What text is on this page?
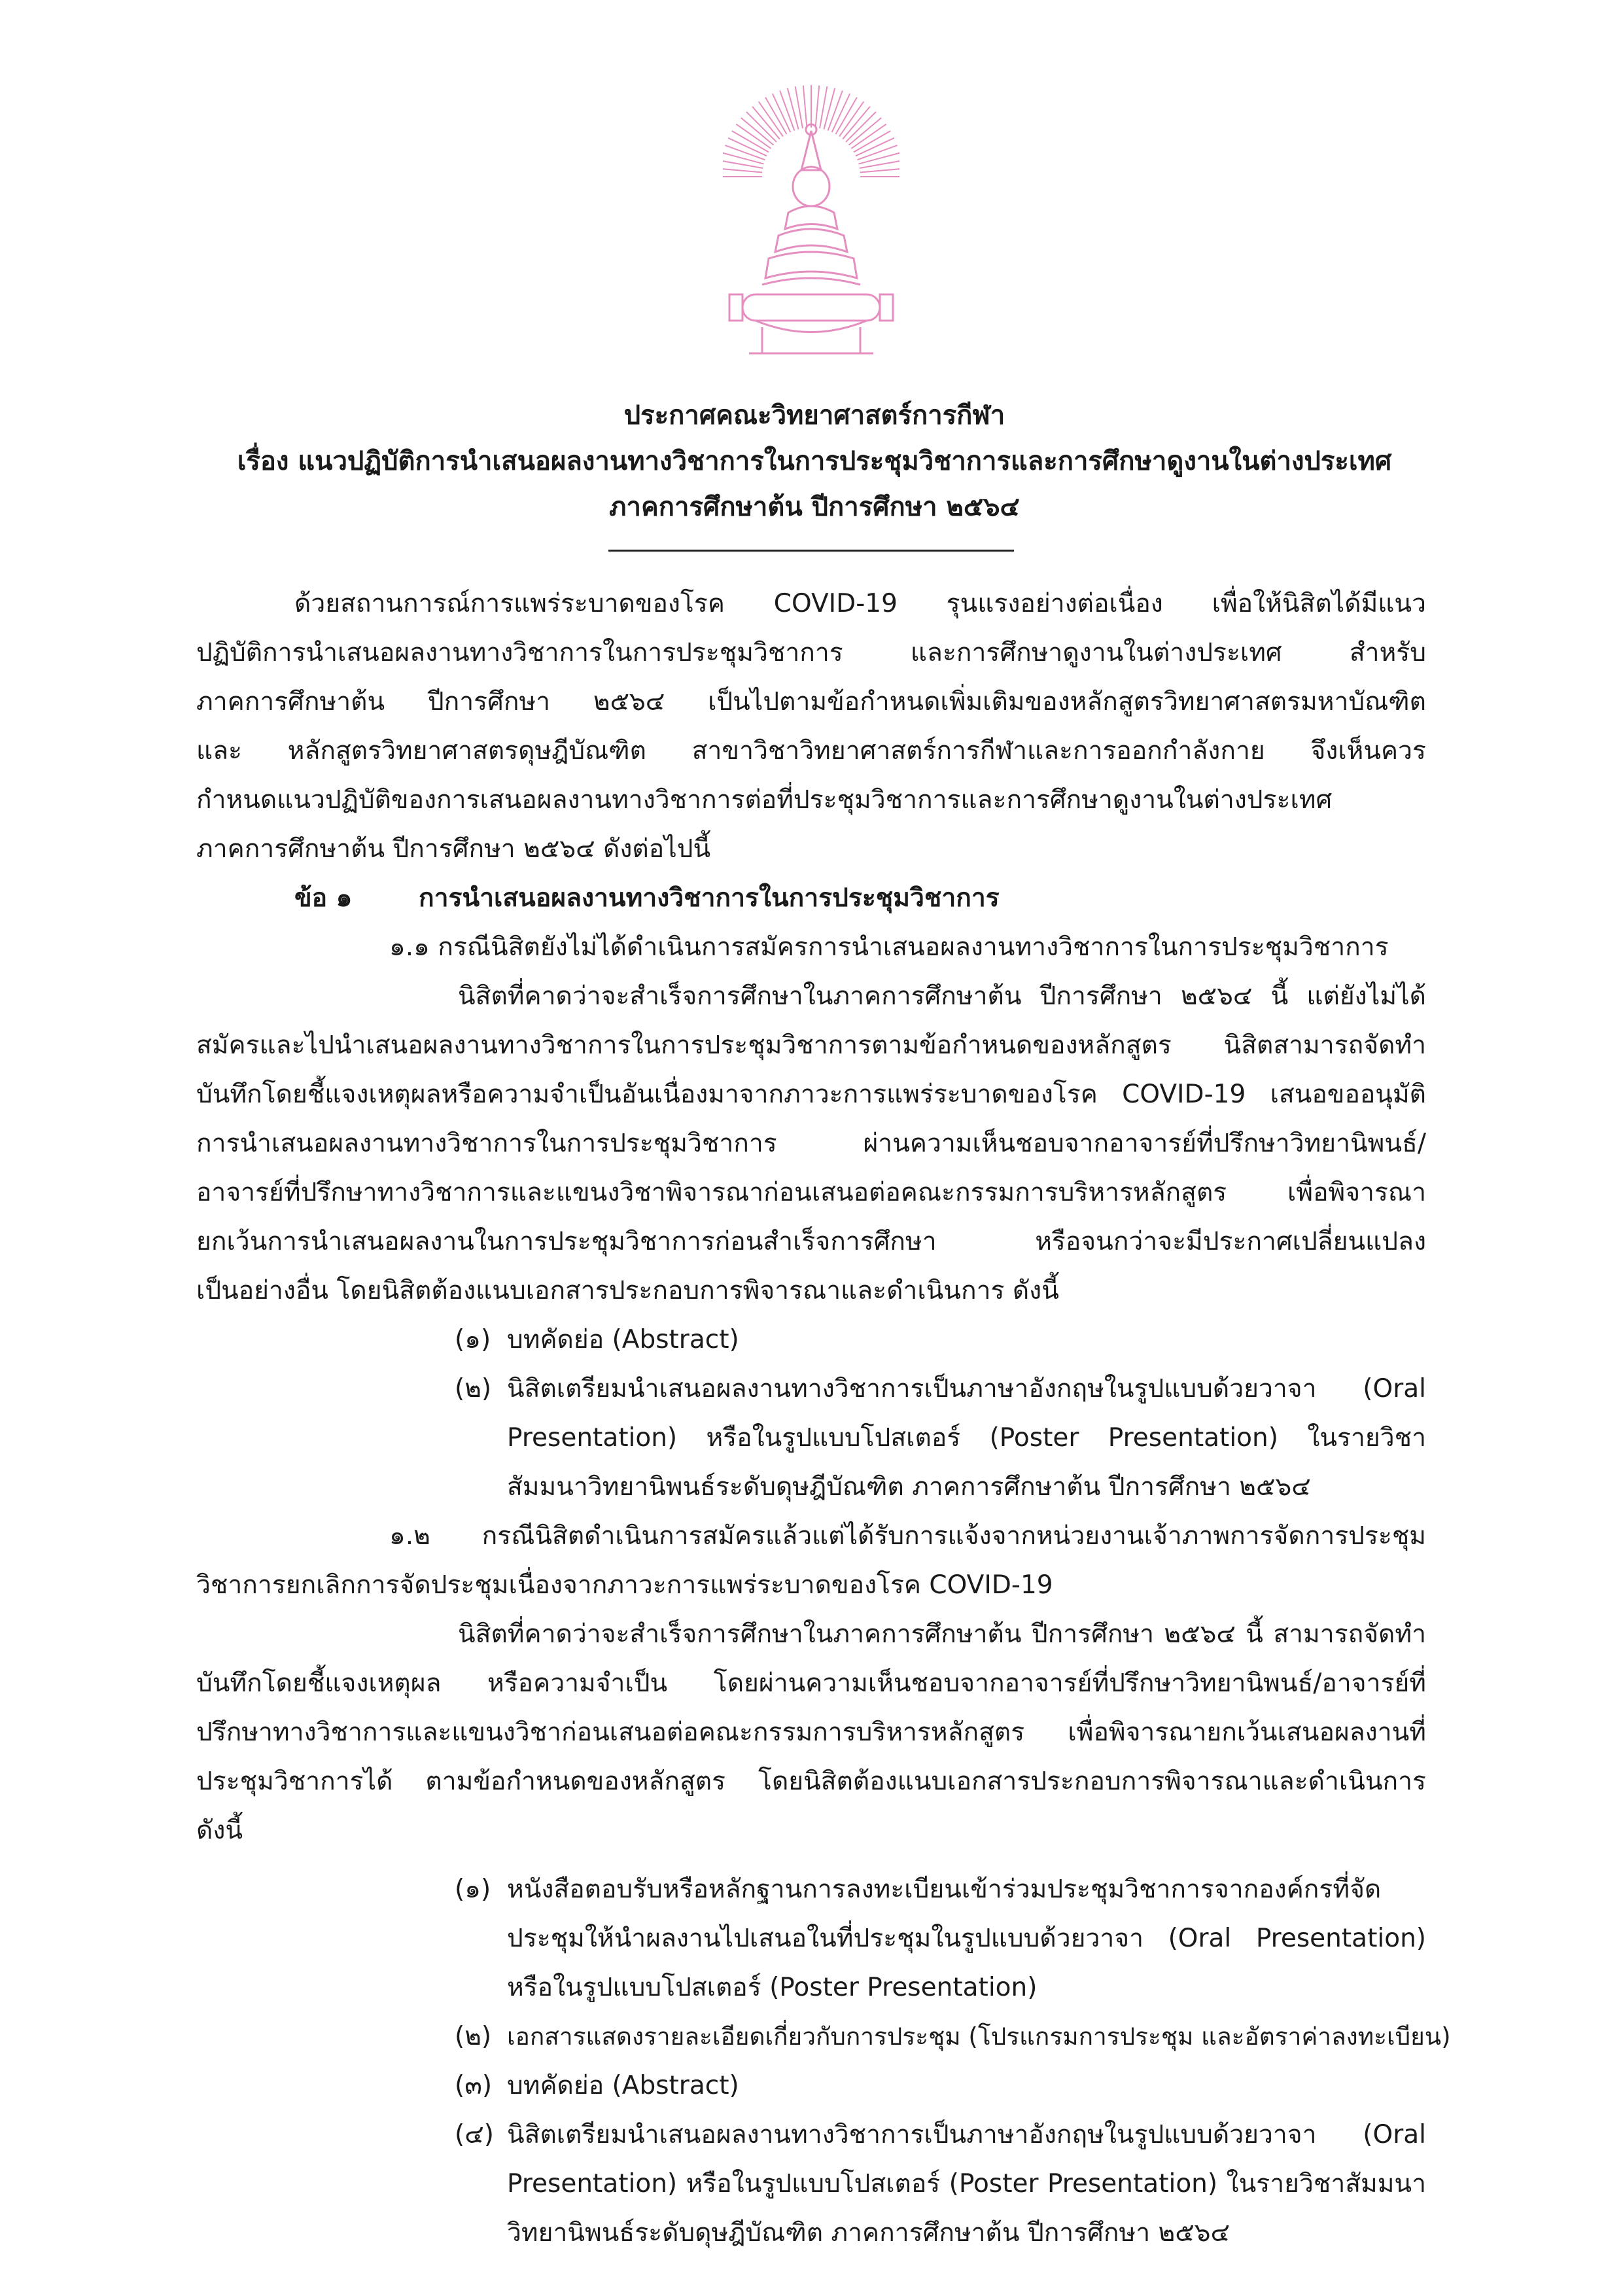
ประกาศคณะวิทยาศาสตร์การกีฬา
เรื่อง แนวปฏิบัติการนำเสนอผลงานทางวิชาการในการประชุมวิชาการและการศึกษาดูงานในต่างประเทศ
ภาคการศึกษาต้น ปีการศึกษา ๒๕๖๔
ด้วยสถานการณ์การแพร่ระบาดของโรค COVID-19 รุนแรงอย่างต่อเนื่อง เพื่อให้นิสิตได้มีแนว
ปฏิบัติการนำเสนอผลงานทางวิชาการในการประชุมวิชาการ และการศึกษาดูงานในต่างประเทศ สำหรับ
ภาคการศึกษาต้น ปีการศึกษา ๒๕๖๔ เป็นไปตามข้อกำหนดเพิ่มเติมของหลักสูตรวิทยาศาสตรมหาบัณฑิต
และ หลักสูตรวิทยาศาสตรดุษฎีบัณฑิต สาขาวิชาวิทยาศาสตร์การกีฬาและการออกกำลังกาย จึงเห็นควร
กำหนดแนวปฏิบัติของการเสนอผลงานทางวิชาการต่อที่ประชุมวิชาการและการศึกษาดูงานในต่างประเทศ
ภาคการศึกษาต้น ปีการศึกษา ๒๕๖๔ ดังต่อไปนี้
ข้อ ๑	การนำเสนอผลงานทางวิชาการในการประชุมวิชาการ
๑.๑ กรณีนิสิตยังไม่ได้ดำเนินการสมัครการนำเสนอผลงานทางวิชาการในการประชุมวิชาการ
นิสิตที่คาดว่าจะสำเร็จการศึกษาในภาคการศึกษาต้น ปีการศึกษา ๒๕๖๔ นี้ แต่ยังไม่ได้
สมัครและไปนำเสนอผลงานทางวิชาการในการประชุมวิชาการตามข้อกำหนดของหลักสูตร นิสิตสามารถจัดทำ
บันทึกโดยชี้แจงเหตุผลหรือความจำเป็นอันเนื่องมาจากภาวะการแพร่ระบาดของโรค COVID-19 เสนอขออนุมัติ
การนำเสนอผลงานทางวิชาการในการประชุมวิชาการ ผ่านความเห็นชอบจากอาจารย์ที่ปรึกษาวิทยานิพนธ์/
อาจารย์ที่ปรึกษาทางวิชาการและแขนงวิชาพิจารณาก่อนเสนอต่อคณะกรรมการบริหารหลักสูตร เพื่อพิจารณา
ยกเว้นการนำเสนอผลงานในการประชุมวิชาการก่อนสำเร็จการศึกษา หรือจนกว่าจะมีประกาศเปลี่ยนแปลง
เป็นอย่างอื่น โดยนิสิตต้องแนบเอกสารประกอบการพิจารณาและดำเนินการ ดังนี้
(๑) บทคัดย่อ (Abstract)
(๒) นิสิตเตรียมนำเสนอผลงานทางวิชาการเป็นภาษาอังกฤษในรูปแบบด้วยวาจา (Oral
Presentation) หรือในรูปแบบโปสเตอร์ (Poster Presentation) ในรายวิชา
สัมมนาวิทยานิพนธ์ระดับดุษฎีบัณฑิต ภาคการศึกษาต้น ปีการศึกษา ๒๕๖๔
๑.๒ กรณีนิสิตดำเนินการสมัครแล้วแต่ได้รับการแจ้งจากหน่วยงานเจ้าภาพการจัดการประชุม
วิชาการยกเลิกการจัดประชุมเนื่องจากภาวะการแพร่ระบาดของโรค COVID-19
นิสิตที่คาดว่าจะสำเร็จการศึกษาในภาคการศึกษาต้น ปีการศึกษา ๒๕๖๔ นี้ สามารถจัดทำ
บันทึกโดยชี้แจงเหตุผล หรือความจำเป็น โดยผ่านความเห็นชอบจากอาจารย์ที่ปรึกษาวิทยานิพนธ์/อาจารย์ที่
ปรึกษาทางวิชาการและแขนงวิชาก่อนเสนอต่อคณะกรรมการบริหารหลักสูตร เพื่อพิจารณายกเว้นเสนอผลงานที่
ประชุมวิชาการได้ ตามข้อกำหนดของหลักสูตร โดยนิสิตต้องแนบเอกสารประกอบการพิจารณาและดำเนินการ
ดังนี้
(๑) หนังสือตอบรับหรือหลักฐานการลงทะเบียนเข้าร่วมประชุมวิชาการจากองค์กรที่จัด
ประชุมให้นำผลงานไปเสนอในที่ประชุมในรูปแบบด้วยวาจา (Oral Presentation)
หรือในรูปแบบโปสเตอร์ (Poster Presentation)
(๒) เอกสารแสดงรายละเอียดเกี่ยวกับการประชุม (โปรแกรมการประชุม และอัตราค่าลงทะเบียน)
(๓) บทคัดย่อ (Abstract)
(๔) นิสิตเตรียมนำเสนอผลงานทางวิชาการเป็นภาษาอังกฤษในรูปแบบด้วยวาจา (Oral
Presentation) หรือในรูปแบบโปสเตอร์ (Poster Presentation) ในรายวิชาสัมมนา
วิทยานิพนธ์ระดับดุษฎีบัณฑิต ภาคการศึกษาต้น ปีการศึกษา ๒๕๖๔
